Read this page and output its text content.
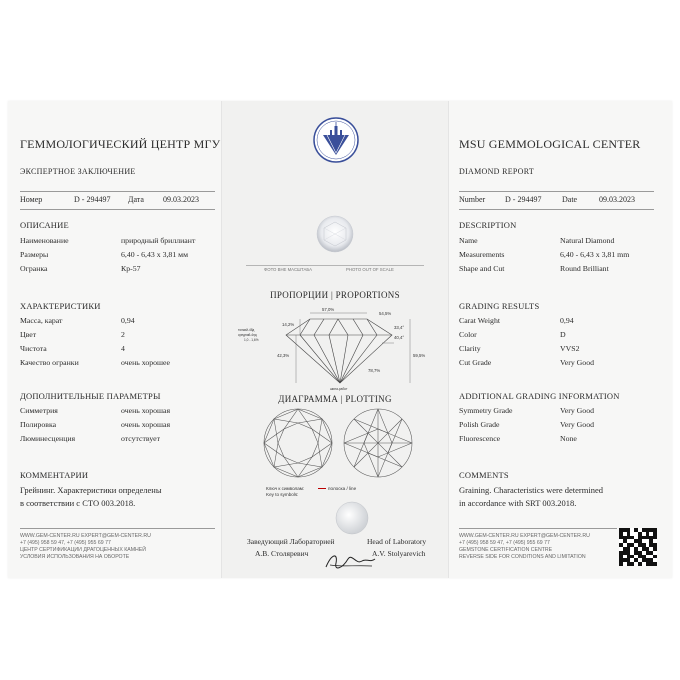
ГЕММОЛОГИЧЕСКИЙ ЦЕНТР МГУ
ЭКСПЕРТНОЕ ЗАКЛЮЧЕНИЕ
Номер	D - 294497 Дата 09.03.2023
ОПИСАНИЕ
Наименование	природный бриллиант
Размеры	6,40 - 6,43 x 3,81 мм
Огранка	Кр-57
ХАРАКТЕРИСТИКИ
Масса, карат	0,94
Цвет	2
Чистота	4
Качество огранки	очень хорошее
ДОПОЛНИТЕЛЬНЫЕ ПАРАМЕТРЫ
Симметрия	очень хорошая
Полировка	очень хорошая
Люминесценция	отсутствует
КОММЕНТАРИИ
Грейнинг. Характеристики определены
в соответствии с СТО 003.2018.
WWW.GEM-CENTER.RU EXPERT@GEM-CENTER.RU
+7 (495) 958 59 47, +7 (495) 955 69 77
ЦЕНТР СЕРТИФИКАЦИИ ДРАГОЦЕННЫХ КАМНЕЙ
УСЛОВИЯ ИСПОЛЬЗОВАНИЯ НА ОБОРОТЕ
ФОТО ВНЕ МАСШТАБА	PHOTO OUT OF SCALE
ПРОПОРЦИИ | PROPORTIONS
57,0%
54,5%
14,2%
33,4°
40,4°
42,3%	59,5%
78,7%
тонкий-4бд
средний-4пд
1,0 - 1,6%
шипа-работ
ДИАГРАММА | PLOTTING
Ключ к символам:	полоска / line
Key to symbols:
Заведующий Лабораторией
А.В. Столяревич
Head of Laboratory
A.V. Stolyarevich
MSU GEMMOLOGICAL CENTER
DIAMOND REPORT
Number D - 294497	Date	09.03.2023
DESCRIPTION
Name	Natural Diamond
Measurements	6,40 - 6,43 x 3,81 mm
Shape and Cut	Round Brilliant
GRADING RESULTS
Carat Weight	0,94
Color	D
Clarity	VVS2
Cut Grade	Very Good
ADDITIONAL GRADING INFORMATION
Symmetry Grade	Very Good
Polish Grade	Very Good
Fluorescence	None
COMMENTS
Graining. Characteristics were determined
in accordance with SRT 003.2018.
WWW.GEM-CENTER.RU EXPERT@GEM-CENTER.RU
+7 (495) 958 59 47, +7 (495) 955 69 77
GEMSTONE CERTIFICATION CENTRE
REVERSE SIDE FOR CONDITIONS AND LIMITATION
